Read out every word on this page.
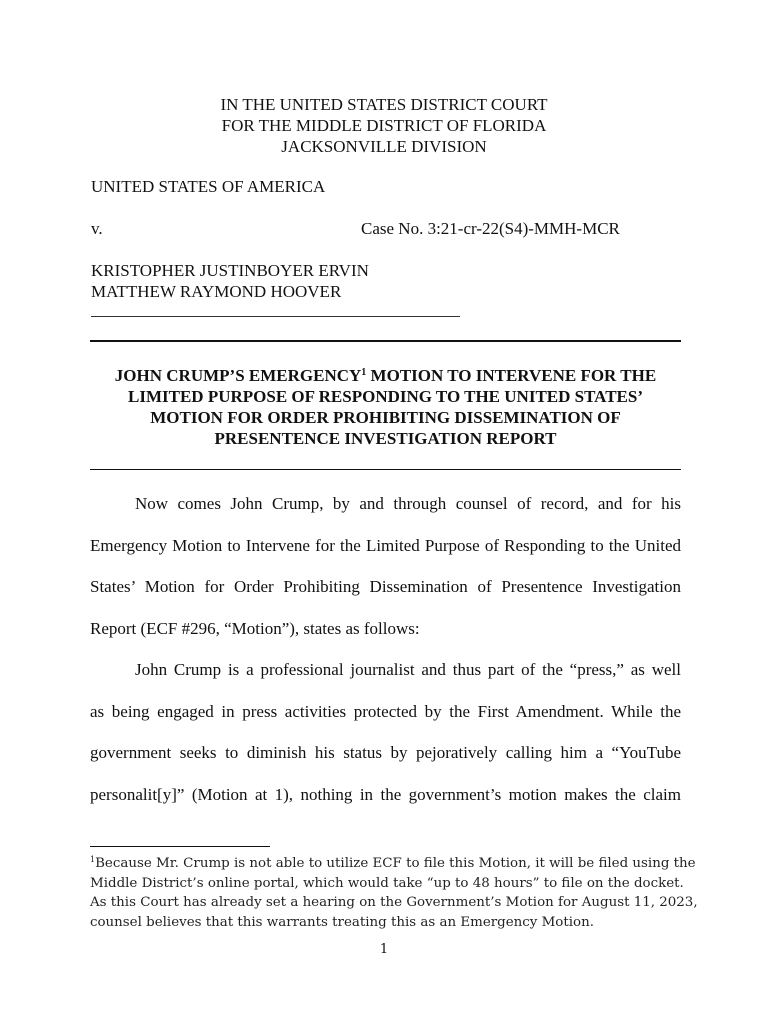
IN THE UNITED STATES DISTRICT COURT
FOR THE MIDDLE DISTRICT OF FLORIDA
JACKSONVILLE DIVISION
UNITED STATES OF AMERICA
v.	Case No. 3:21-cr-22(S4)-MMH-MCR
KRISTOPHER JUSTINBOYER ERVIN
MATTHEW RAYMOND HOOVER
JOHN CRUMP’S EMERGENCY$^1$ MOTION TO INTERVENE FOR THE
LIMITED PURPOSE OF RESPONDING TO THE UNITED STATES’
MOTION FOR ORDER PROHIBITING DISSEMINATION OF
PRESENTENCE INVESTIGATION REPORT
Now comes John Crump, by and through counsel of record, and for his
Emergency Motion to Intervene for the Limited Purpose of Responding to the United
States’ Motion for Order Prohibiting Dissemination of Presentence Investigation
Report (ECF #296, “Motion”), states as follows:
John Crump is a professional journalist and thus part of the “press,” as well
as being engaged in press activities protected by the First Amendment. While the
government seeks to diminish his status by pejoratively calling him a “YouTube
personalit[y]” (Motion at 1), nothing in the government’s motion makes the claim
$^1$Because Mr. Crump is not able to utilize ECF to file this Motion, it will be filed using the
Middle District’s online portal, which would take “up to 48 hours” to file on the docket.
As this Court has already set a hearing on the Government’s Motion for August 11, 2023,
counsel believes that this warrants treating this as an Emergency Motion.
1
